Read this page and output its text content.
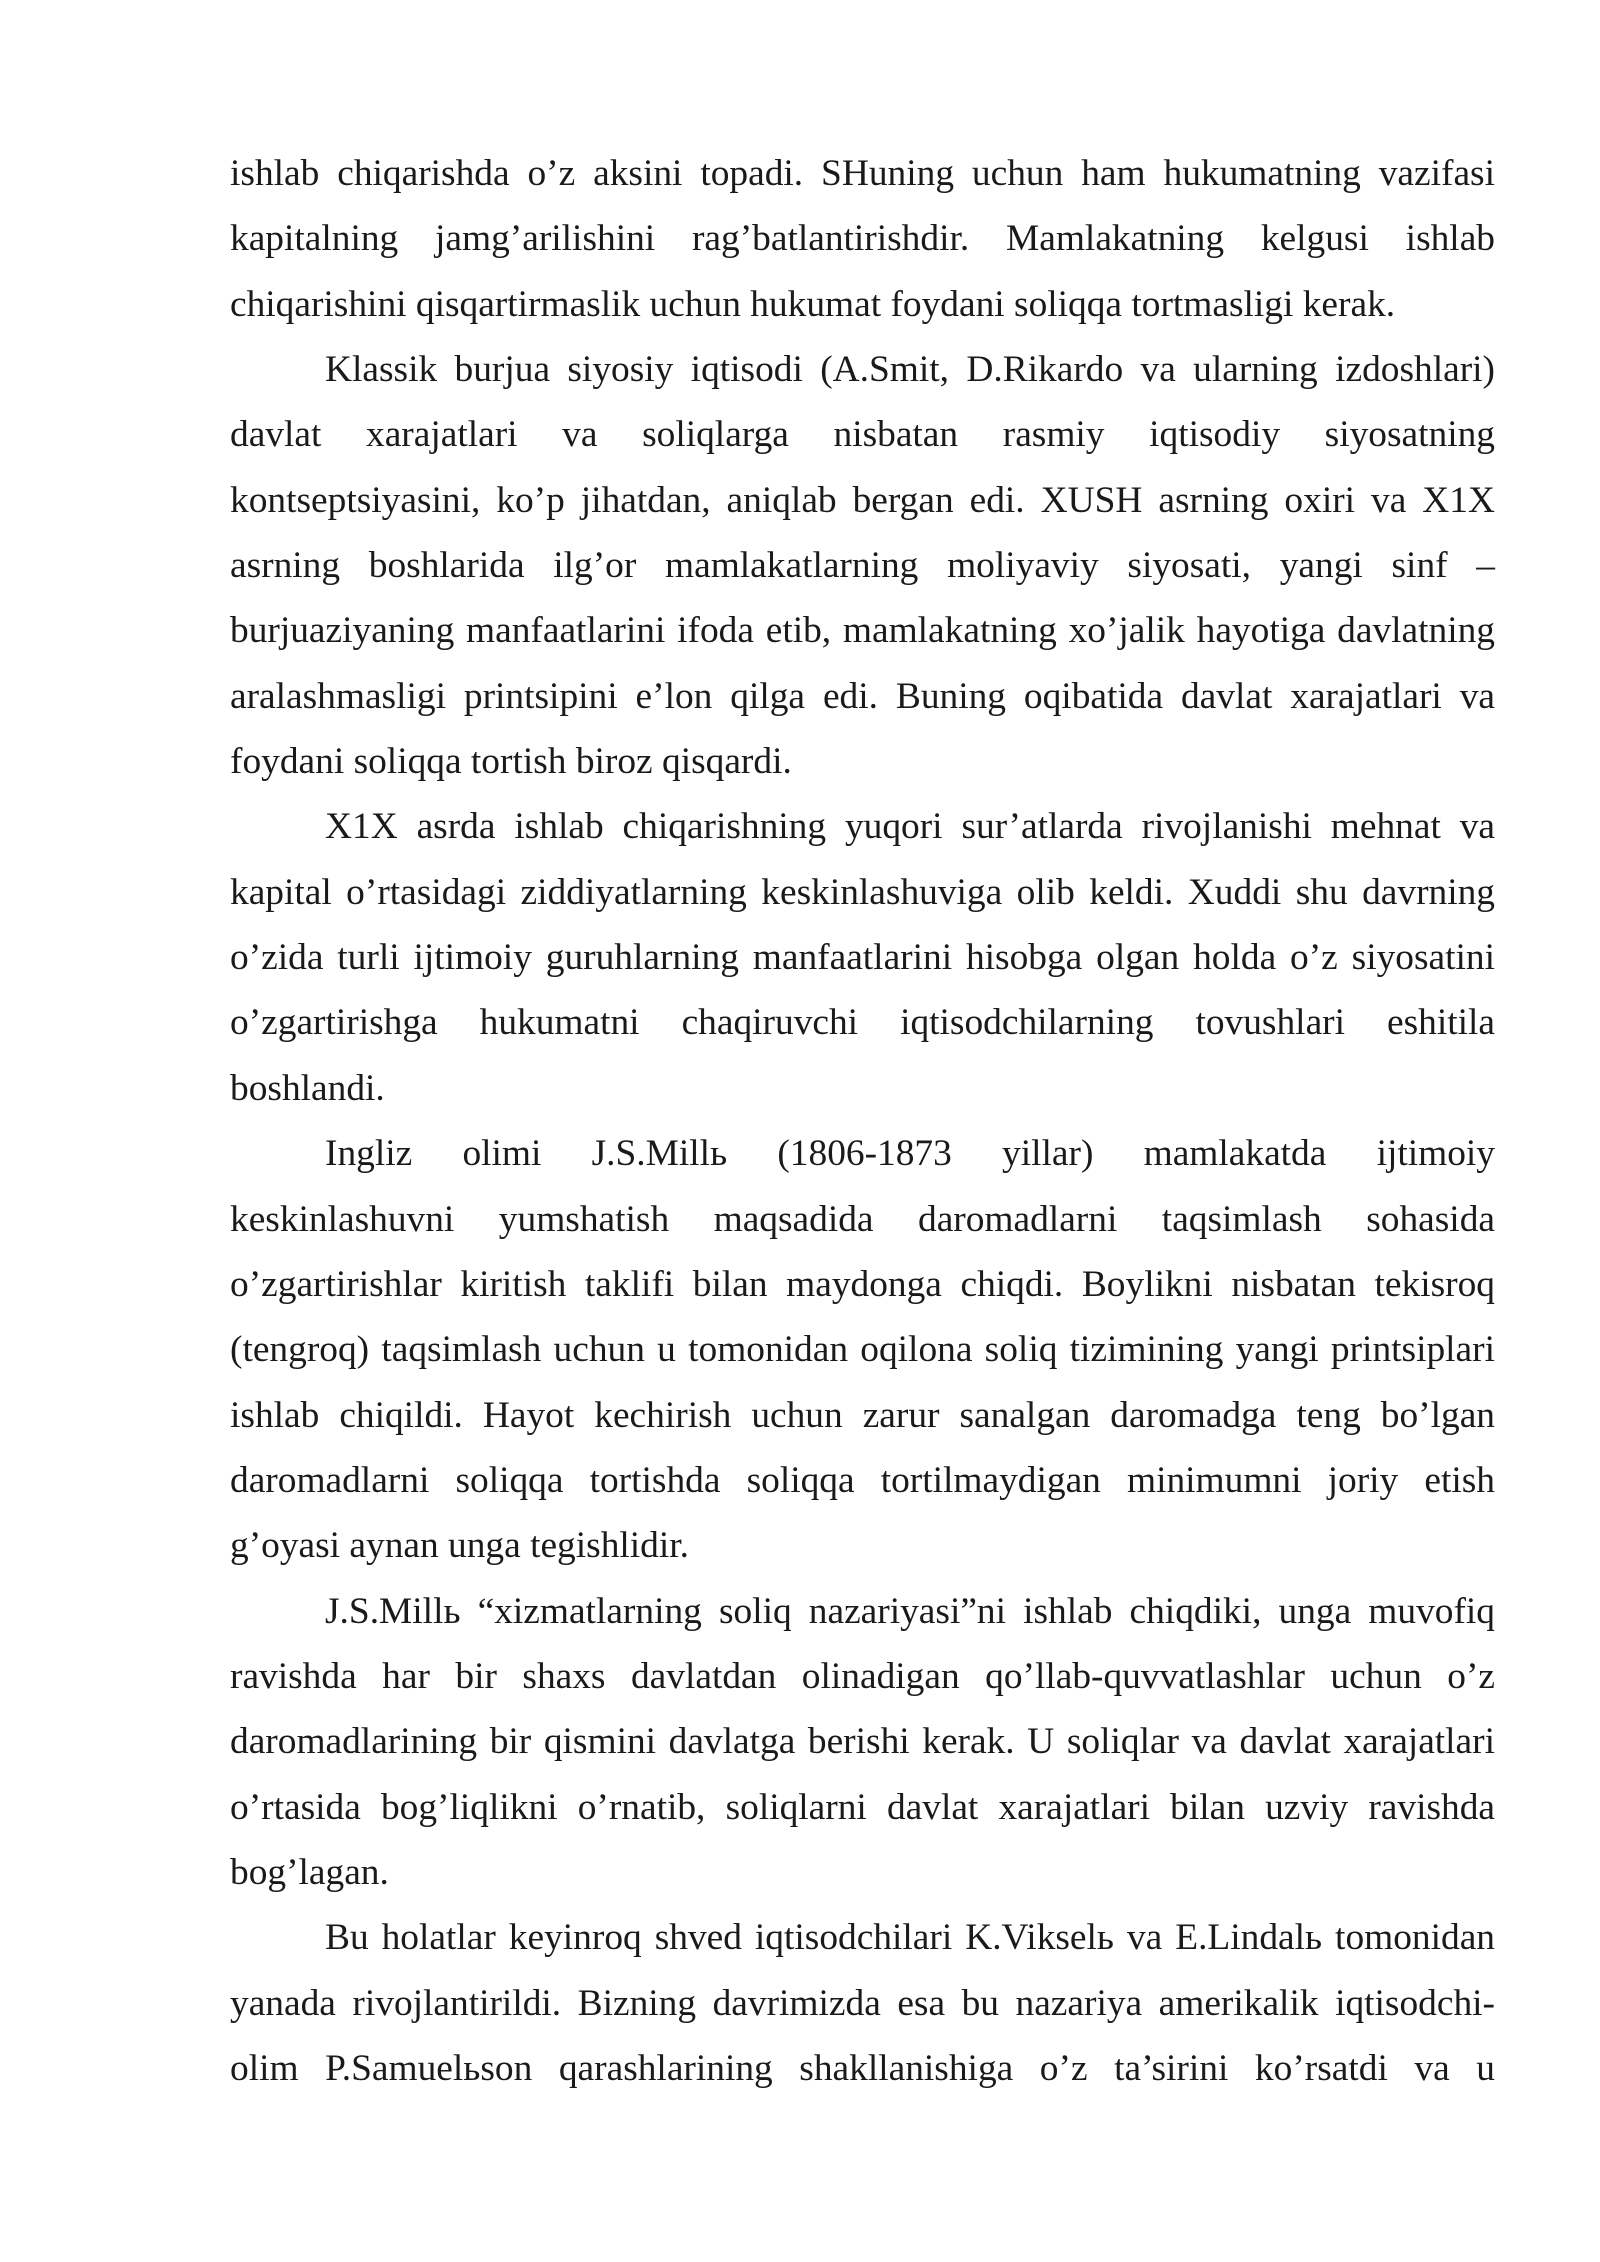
ishlab chiqarishda o’z aksini topadi. SHuning uchun ham hukumatning vazifasi
kapitalning jamg’arilishini rag’batlantirishdir. Mamlakatning kelgusi ishlab
chiqarishini qisqartirmaslik uchun hukumat foydani soliqqa tortmasligi kerak.
Klassik burjua siyosiy iqtisodi (A.Smit, D.Rikardo va ularning izdoshlari)
davlat xarajatlari va soliqlarga nisbatan rasmiy iqtisodiy siyosatning
kontseptsiyasini, ko’p jihatdan, aniqlab bergan edi. XUSH asrning oxiri va X1X
asrning boshlarida ilg’or mamlakatlarning moliyaviy siyosati, yangi sinf –
burjuaziyaning manfaatlarini ifoda etib, mamlakatning xo’jalik hayotiga davlatning
aralashmasligi printsipini e’lon qilga edi. Buning oqibatida davlat xarajatlari va
foydani soliqqa tortish biroz qisqardi.
X1X asrda ishlab chiqarishning yuqori sur’atlarda rivojlanishi mehnat va
kapital o’rtasidagi ziddiyatlarning keskinlashuviga olib keldi. Xuddi shu davrning
o’zida turli ijtimoiy guruhlarning manfaatlarini hisobga olgan holda o’z siyosatini
o’zgartirishga hukumatni chaqiruvchi iqtisodchilarning tovushlari eshitila
boshlandi.
Ingliz olimi J.S.Millь (1806-1873 yillar) mamlakatda ijtimoiy
keskinlashuvni yumshatish maqsadida daromadlarni taqsimlash sohasida
o’zgartirishlar kiritish taklifi bilan maydonga chiqdi. Boylikni nisbatan tekisroq
(tengroq) taqsimlash uchun u tomonidan oqilona soliq tizimining yangi printsiplari
ishlab chiqildi. Hayot kechirish uchun zarur sanalgan daromadga teng bo’lgan
daromadlarni soliqqa tortishda soliqqa tortilmaydigan minimumni joriy etish
g’oyasi aynan unga tegishlidir.
J.S.Millь “xizmatlarning soliq nazariyasi”ni ishlab chiqdiki, unga muvofiq
ravishda har bir shaxs davlatdan olinadigan qo’llab-quvvatlashlar uchun o’z
daromadlarining bir qismini davlatga berishi kerak. U soliqlar va davlat xarajatlari
o’rtasida bog’liqlikni o’rnatib, soliqlarni davlat xarajatlari bilan uzviy ravishda
bog’lagan.
Bu holatlar keyinroq shved iqtisodchilari K.Vikselь va E.Lindalь tomonidan
yanada rivojlantirildi. Bizning davrimizda esa bu nazariya amerikalik iqtisodchi-
olim P.Samuelьson qarashlarining shakllanishiga o’z ta’sirini ko’rsatdi va u
